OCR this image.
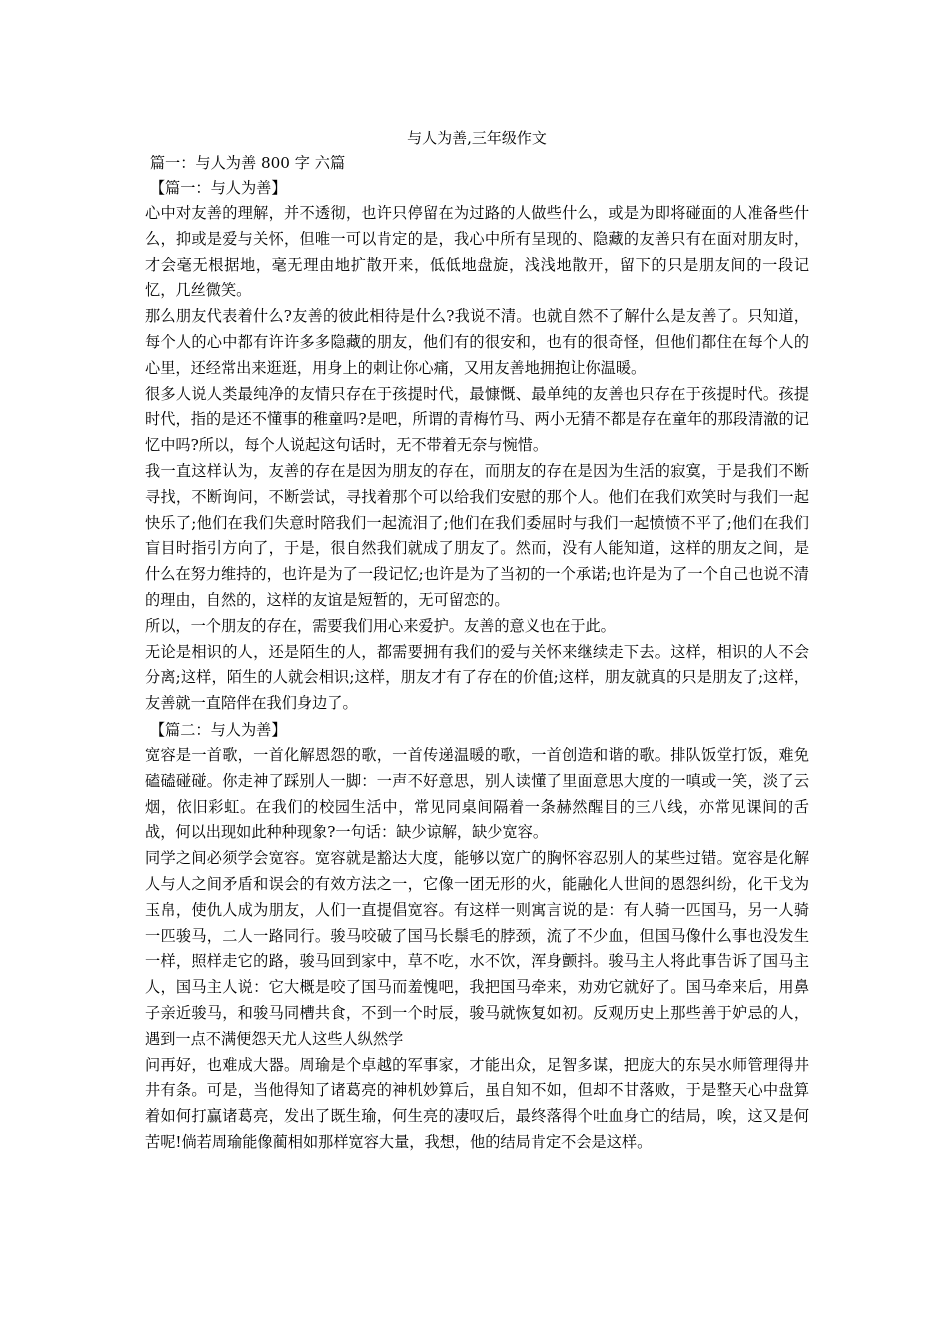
与人为善,三年级作文
篇一：与人为善 800 字 六篇
【篇一：与人为善】
心中对友善的理解，并不透彻，也许只停留在为过路的人做些什么，或是为即将碰面的人准备些什么，抑或是爱与关怀，但唯一可以肯定的是，我心中所有呈现的、隐藏的友善只有在面对朋友时，才会毫无根据地，毫无理由地扩散开来，低低地盘旋，浅浅地散开，留下的只是朋友间的一段记忆，几丝微笑。
那么朋友代表着什么?友善的彼此相待是什么?我说不清。也就自然不了解什么是友善了。只知道，每个人的心中都有许许多多隐藏的朋友，他们有的很安和，也有的很奇怪，但他们都住在每个人的心里，还经常出来逛逛，用身上的刺让你心痛，又用友善地拥抱让你温暖。
很多人说人类最纯净的友情只存在于孩提时代，最慷慨、最单纯的友善也只存在于孩提时代。孩提时代，指的是还不懂事的稚童吗?是吧，所谓的青梅竹马、两小无猜不都是存在童年的那段清澈的记忆中吗?所以，每个人说起这句话时，无不带着无奈与惋惜。
我一直这样认为，友善的存在是因为朋友的存在，而朋友的存在是因为生活的寂寞，于是我们不断寻找，不断询问，不断尝试，寻找着那个可以给我们安慰的那个人。他们在我们欢笑时与我们一起快乐了;他们在我们失意时陪我们一起流泪了;他们在我们委屈时与我们一起愤愤不平了;他们在我们盲目时指引方向了，于是，很自然我们就成了朋友了。然而，没有人能知道，这样的朋友之间，是什么在努力维持的，也许是为了一段记忆;也许是为了当初的一个承诺;也许是为了一个自己也说不清的理由，自然的，这样的友谊是短暂的，无可留恋的。
所以，一个朋友的存在，需要我们用心来爱护。友善的意义也在于此。
无论是相识的人，还是陌生的人，都需要拥有我们的爱与关怀来继续走下去。这样，相识的人不会分离;这样，陌生的人就会相识;这样，朋友才有了存在的价值;这样，朋友就真的只是朋友了;这样，友善就一直陪伴在我们身边了。
【篇二：与人为善】
宽容是一首歌，一首化解恩怨的歌，一首传递温暖的歌，一首创造和谐的歌。排队饭堂打饭，难免磕磕碰碰。你走神了踩别人一脚：一声不好意思，别人读懂了里面意思大度的一嗔或一笑，淡了云烟，依旧彩虹。在我们的校园生活中，常见同桌间隔着一条赫然醒目的三八线，亦常见课间的舌战，何以出现如此种种现象?一句话：缺少谅解，缺少宽容。
同学之间必须学会宽容。宽容就是豁达大度，能够以宽广的胸怀容忍别人的某些过错。宽容是化解人与人之间矛盾和误会的有效方法之一，它像一团无形的火，能融化人世间的恩怨纠纷，化干戈为玉帛，使仇人成为朋友，人们一直提倡宽容。有这样一则寓言说的是：有人骑一匹国马，另一人骑一匹骏马，二人一路同行。骏马咬破了国马长鬃毛的脖颈，流了不少血，但国马像什么事也没发生一样，照样走它的路，骏马回到家中，草不吃，水不饮，浑身颤抖。骏马主人将此事告诉了国马主人，国马主人说：它大概是咬了国马而羞愧吧，我把国马牵来，劝劝它就好了。国马牵来后，用鼻子亲近骏马，和骏马同槽共食，不到一个时辰，骏马就恢复如初。反观历史上那些善于妒忌的人，遇到一点不满便怨天尤人这些人纵然学
问再好，也难成大器。周瑜是个卓越的军事家，才能出众，足智多谋，把庞大的东吴水师管理得井井有条。可是，当他得知了诸葛亮的神机妙算后，虽自知不如，但却不甘落败，于是整天心中盘算着如何打赢诸葛亮，发出了既生瑜，何生亮的凄叹后，最终落得个吐血身亡的结局，唉，这又是何苦呢!倘若周瑜能像蔺相如那样宽容大量，我想，他的结局肯定不会是这样。
